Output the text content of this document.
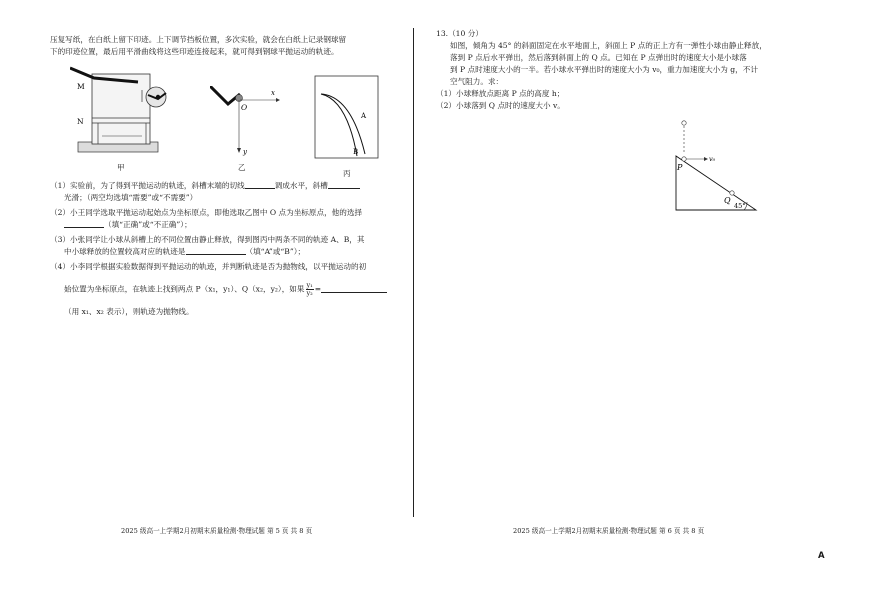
压复写纸，在白纸上留下印迹。上下调节挡板位置，多次实验，就会在白纸上记录钢球留

下的印迹位置，最后用平滑曲线将这些印迹连接起来，就可得到钢球平抛运动的轨迹。

M
N
甲
O
x
y
乙
A
B
丙

（1）实验前，为了得到平抛运动的轨迹，斜槽末端的切线	调成水平，斜槽

光滑；（两空均选填“需要”或“不需要”）

（2）小王同学选取平抛运动起始点为坐标原点，即他选取乙图中 O 点为坐标原点，他的选择

（填“正确”或“不正确”）；

（3）小张同学让小球从斜槽上的不同位置由静止释放，得到图丙中两条不同的轨迹 A、B，其

中小球释放的位置较高对应的轨迹是	（填“A”或“B”）；

（4）小李同学根据实验数据得到平抛运动的轨迹，并判断轨迹是否为抛物线，以平抛运动的初

始位置为坐标原点，在轨迹上找到两点 P（x₁，y₁）、Q（x₂，y₂），如果 $\frac{\text{y₁}}{\text{y₂}}$ =

（用 x₁、x₂ 表示），则轨迹为抛物线。

13.（10 分）

如图，倾角为 45° 的斜面固定在水平地面上，斜面上 P 点的正上方有一弹性小球由静止释放，

落到 P 点后水平弹出，然后落到斜面上的 Q 点。已知在 P 点弹出时的速度大小是小球落

到 P 点时速度大小的一半。若小球水平弹出时的速度大小为 v₀，重力加速度大小为 g，不计

空气阻力。求：

（1）小球释放点距离 P 点的高度 h；

（2）小球落到 Q 点时的速度大小 v。

P
v₀
Q
45°
2025 级高一上学期2月初期末质量检测·物理试题 第 5 页 共 8 页	2025 级高一上学期2月初期末质量检测·物理试题 第 6 页 共 8 页
A
